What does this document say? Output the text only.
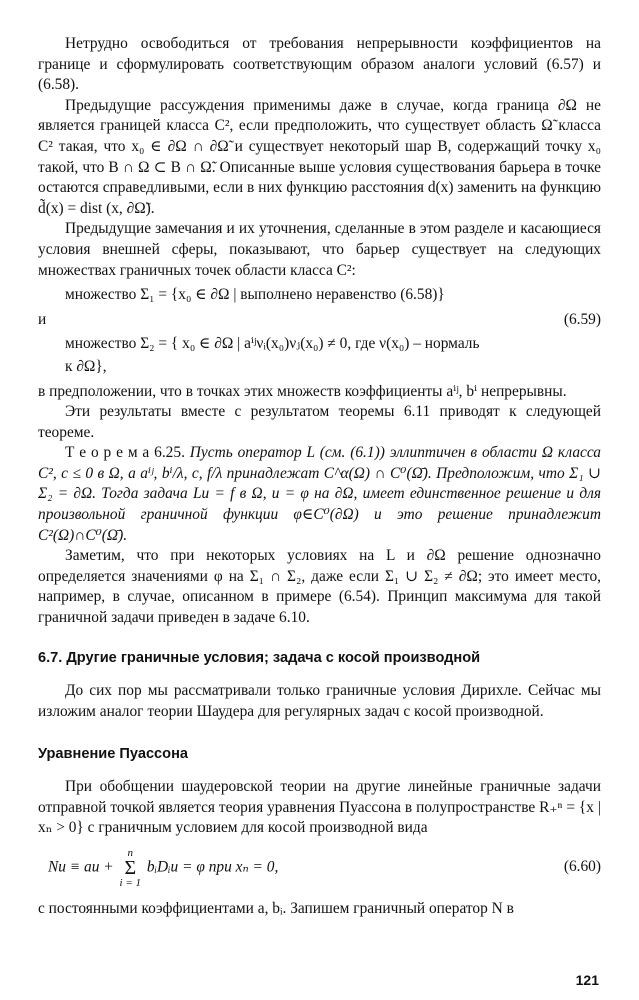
Нетрудно освободиться от требования непрерывности коэффициентов на границе и сформулировать соответствующим образом аналоги условий (6.57) и (6.58).

Предыдущие рассуждения применимы даже в случае, когда граница ∂Ω не является границей класса C², если предположить, что существует область Ω̃ класса C² такая, что x₀ ∈ ∂Ω ∩ ∂Ω̃ и существует некоторый шар B, содержащий точку x₀ такой, что B ∩ Ω ⊂ B ∩ Ω̃. Описанные выше условия существования барьера в точке остаются справедливыми, если в них функцию расстояния d(x) заменить на функцию d̃(x) = dist (x, ∂Ω̃).

Предыдущие замечания и их уточнения, сделанные в этом разделе и касающиеся условия внешней сферы, показывают, что барьер существует на следующих множествах граничных точек области класса C²:

множество Σ₁ = {x₀ ∈ ∂Ω | выполнено неравенство (6.58)}

и	(6.59)

множество Σ₂ = { x₀ ∈ ∂Ω | aⁱʲνᵢ(x₀)νⱼ(x₀) ≠ 0, где ν(x₀) – нормаль

к ∂Ω},

в предположении, что в точках этих множеств коэффициенты aⁱʲ, bⁱ непрерывны.

Эти результаты вместе с результатом теоремы 6.11 приводят к следующей теореме.

Т е о р е м а 6.25. Пусть оператор L (см. (6.1)) эллиптичен в области Ω класса C², c ≤ 0 в Ω, а aⁱʲ, bⁱ/λ, c, f/λ принадлежат C^α(Ω) ∩ C⁰(Ω̄). Предположим, что Σ₁ ∪ Σ₂ = ∂Ω. Тогда задача Lu = f в Ω, u = φ на ∂Ω, имеет единственное решение и для произвольной граничной функции φ∈C⁰(∂Ω) и это решение принадлежит C²(Ω)∩C⁰(Ω̄).

Заметим, что при некоторых условиях на L и ∂Ω решение однозначно определяется значениями φ на Σ₁ ∩ Σ₂, даже если Σ₁ ∪ Σ₂ ≠ ∂Ω; это имеет место, например, в случае, описанном в примере (6.54). Принцип максимума для такой граничной задачи приведен в задаче 6.10.

6.7. Другие граничные условия; задача с косой производной

До сих пор мы рассматривали только граничные условия Дирихле. Сейчас мы изложим аналог теории Шаудера для регулярных задач с косой производной.

Уравнение Пуассона

При обобщении шаудеровской теории на другие линейные граничные задачи отправной точкой является теория уравнения Пуассона в полупространстве R₊ⁿ = {x | xₙ > 0} с граничным условием для косой производной вида

Nu ≡ au +
n
Σ
i = 1
bᵢDᵢu = φ при xₙ = 0,	(6.60)

с постоянными коэффициентами a, bᵢ. Запишем граничный оператор N в

121
